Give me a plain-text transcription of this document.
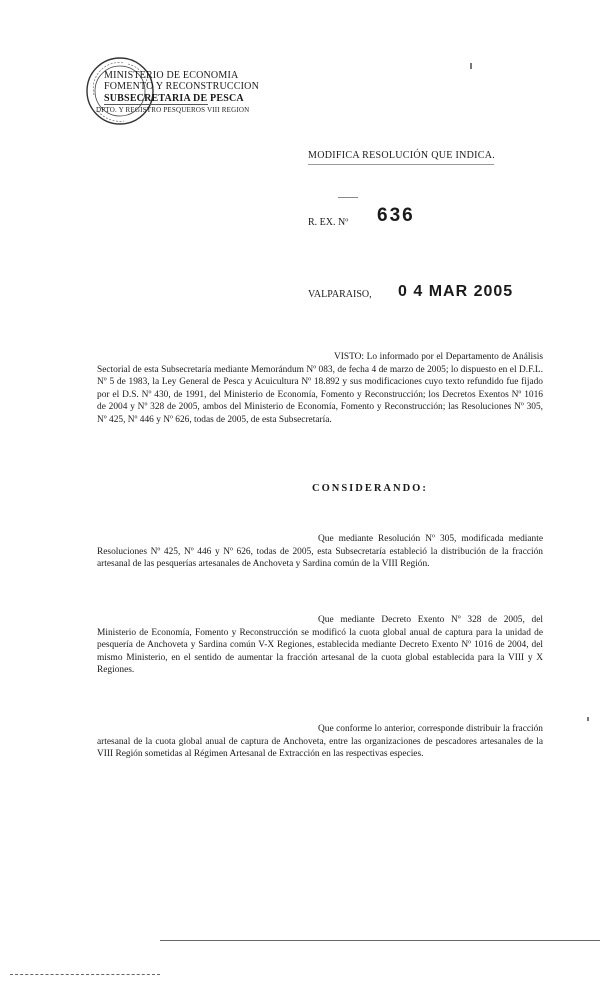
MINISTERIO DE ECONOMIA
FOMENTO Y RECONSTRUCCION
SUBSECRETARIA DE PESCA
DPTO. Y REGISTRO PESQUEROS VIII REGION
MODIFICA RESOLUCIÓN QUE INDICA.
R. EX. Nº 636
VALPARAISO, 0 4 MAR 2005
VISTO: Lo informado por el Departamento de Análisis Sectorial de esta Subsecretaría mediante Memorándum Nº 083, de fecha 4 de marzo de 2005; lo dispuesto en el D.F.L. Nº 5 de 1983, la Ley General de Pesca y Acuicultura Nº 18.892 y sus modificaciones cuyo texto refundido fue fijado por el D.S. Nº 430, de 1991, del Ministerio de Economía, Fomento y Reconstrucción; los Decretos Exentos Nº 1016 de 2004 y Nº 328 de 2005, ambos del Ministerio de Economía, Fomento y Reconstrucción; las Resoluciones Nº 305, Nº 425, Nº 446 y Nº 626, todas de 2005, de esta Subsecretaría.
CONSIDERANDO:
Que mediante Resolución Nº 305, modificada mediante Resoluciones Nº 425, Nº 446 y Nº 626, todas de 2005, esta Subsecretaría estableció la distribución de la fracción artesanal de las pesquerías artesanales de Anchoveta y Sardina común de la VIII Región.
Que mediante Decreto Exento Nº 328 de 2005, del Ministerio de Economía, Fomento y Reconstrucción se modificó la cuota global anual de captura para la unidad de pesquería de Anchoveta y Sardina común V-X Regiones, establecida mediante Decreto Exento Nº 1016 de 2004, del mismo Ministerio, en el sentido de aumentar la fracción artesanal de la cuota global establecida para la VIII y X Regiones.
Que conforme lo anterior, corresponde distribuir la fracción artesanal de la cuota global anual de captura de Anchoveta, entre las organizaciones de pescadores artesanales de la VIII Región sometidas al Régimen Artesanal de Extracción en las respectivas especies.
